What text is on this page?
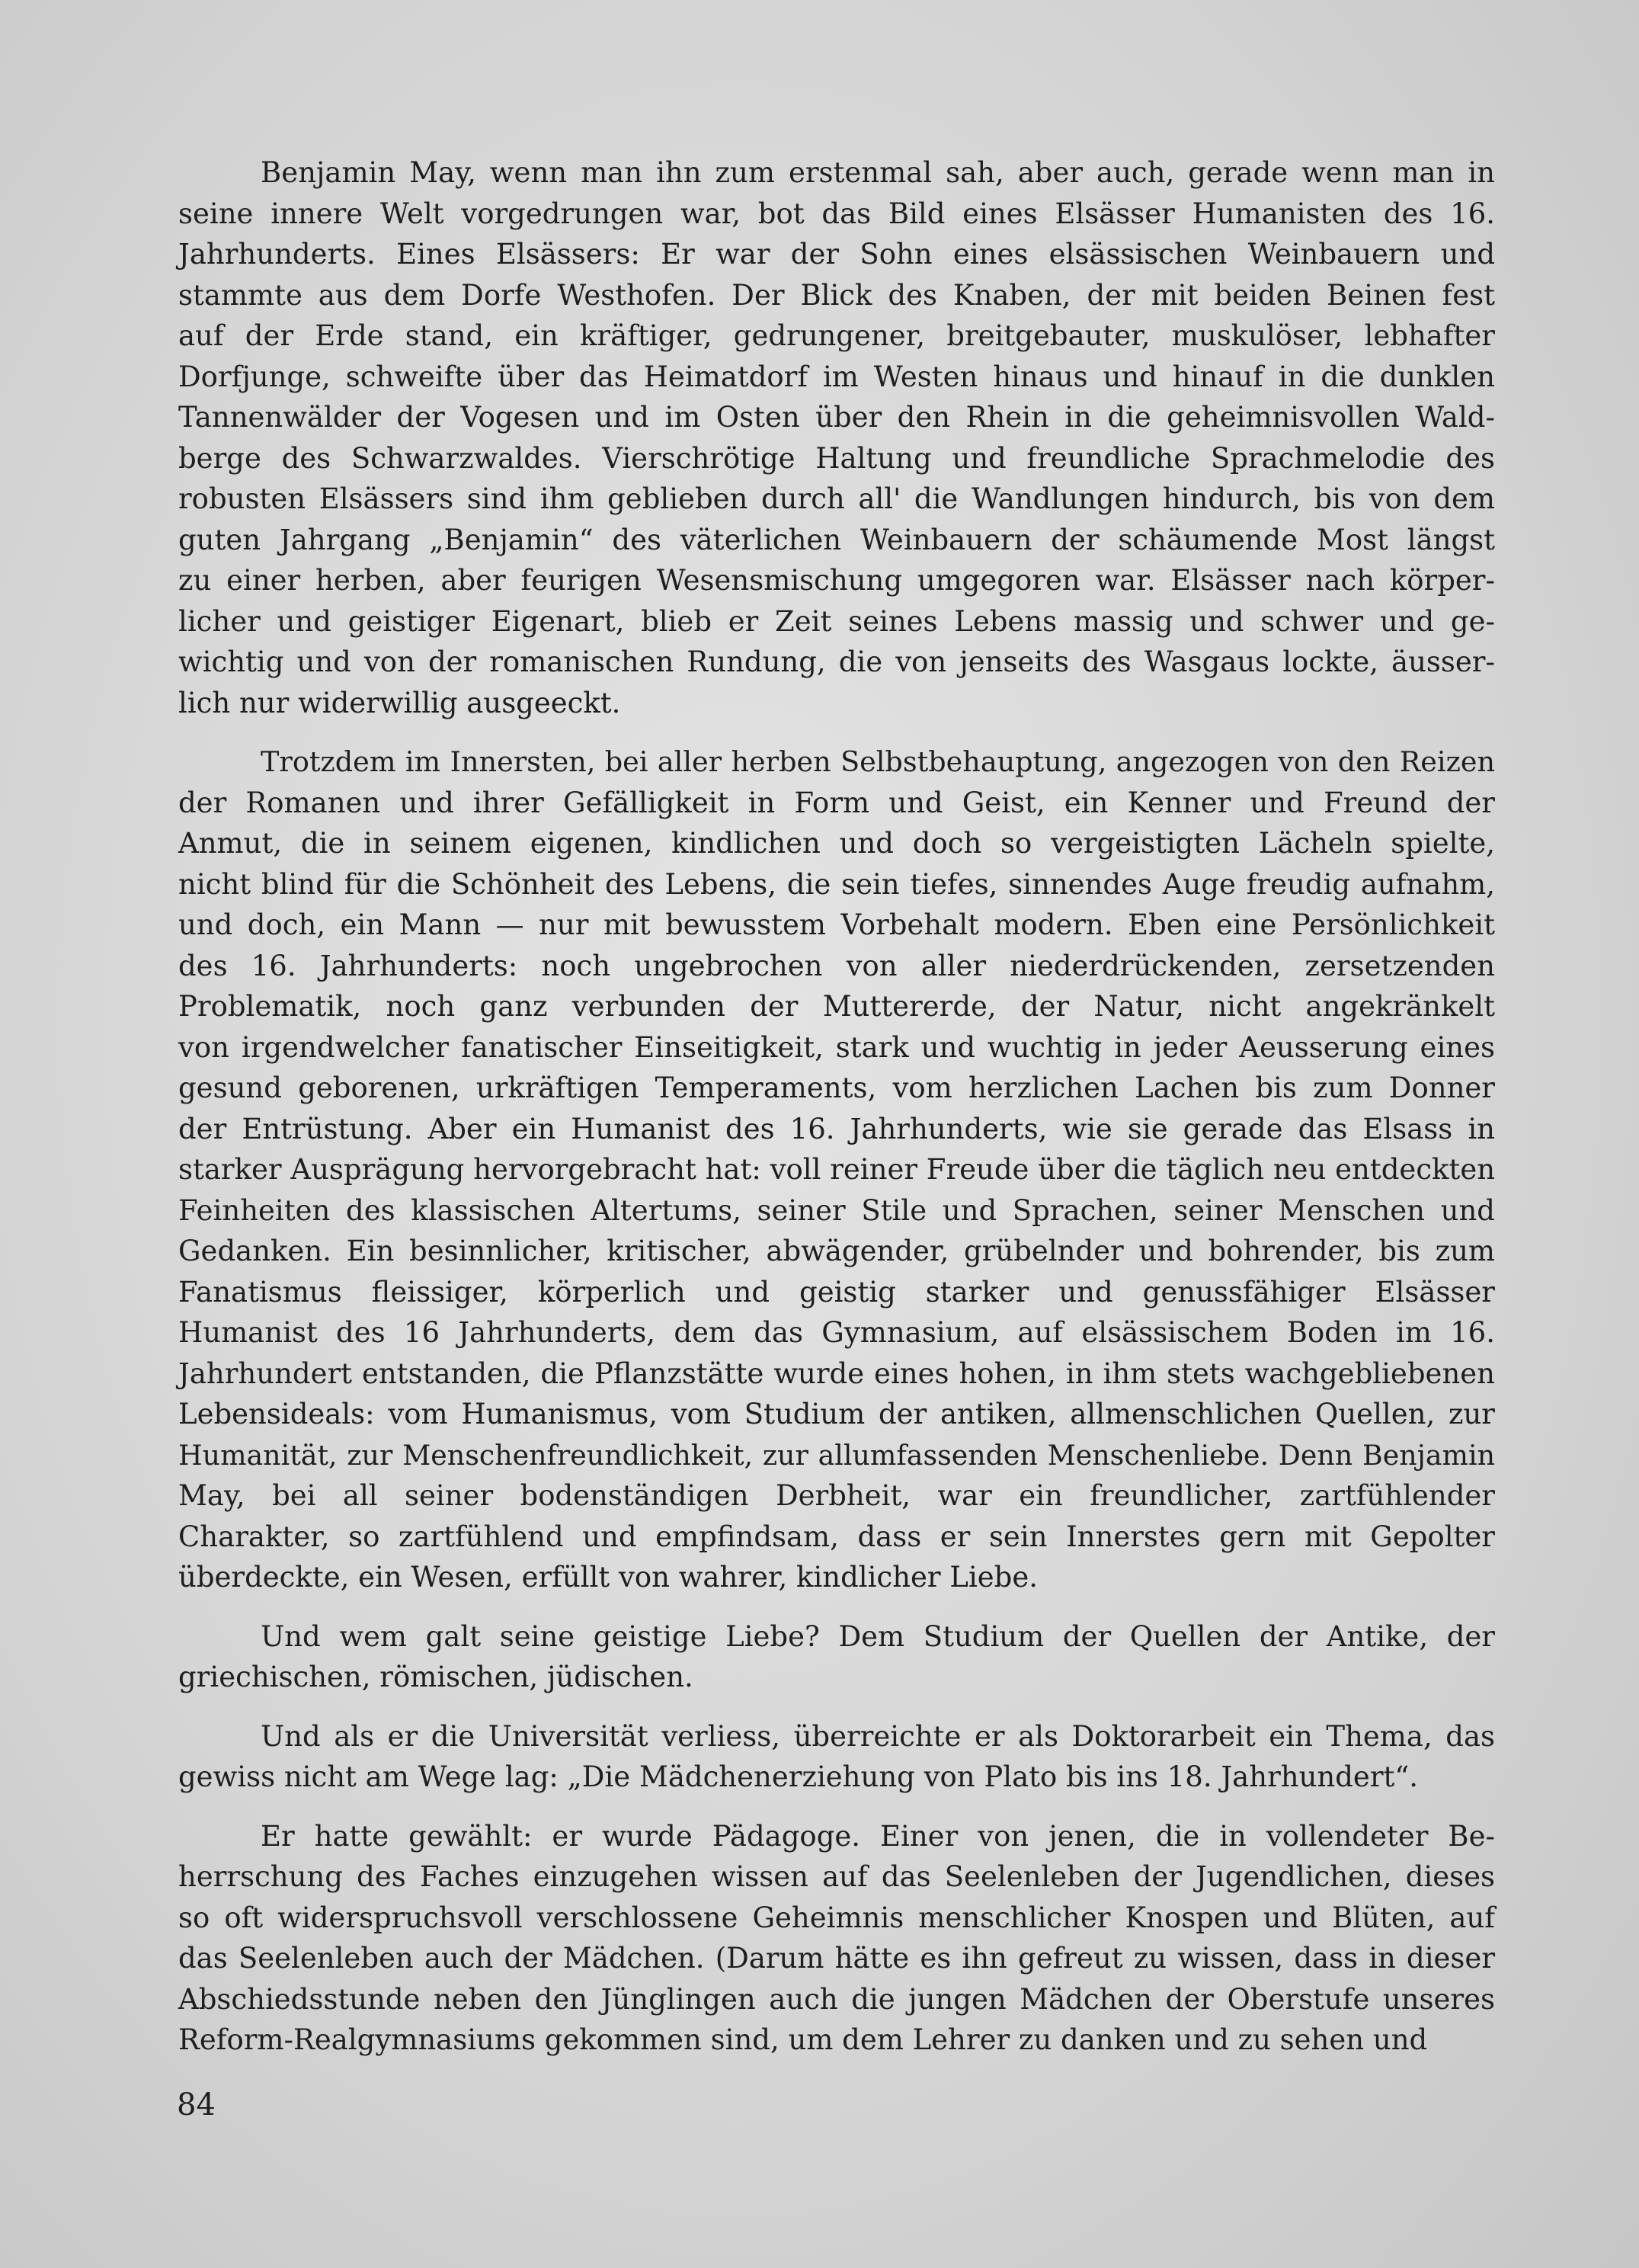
Benjamin May, wenn man ihn zum erstenmal sah, aber auch, gerade wenn man in
seine innere Welt vorgedrungen war, bot das Bild eines Elsässer Humanisten des 16.
Jahrhunderts. Eines Elsässers: Er war der Sohn eines elsässischen Weinbauern und
stammte aus dem Dorfe Westhofen. Der Blick des Knaben, der mit beiden Beinen fest
auf der Erde stand, ein kräftiger, gedrungener, breitgebauter, muskulöser, lebhafter
Dorfjunge, schweifte über das Heimatdorf im Westen hinaus und hinauf in die dunklen
Tannenwälder der Vogesen und im Osten über den Rhein in die geheimnisvollen Wald-
berge des Schwarzwaldes. Vierschrötige Haltung und freundliche Sprachmelodie des
robusten Elsässers sind ihm geblieben durch all' die Wandlungen hindurch, bis von dem
guten Jahrgang „Benjamin“ des väterlichen Weinbauern der schäumende Most längst
zu einer herben, aber feurigen Wesensmischung umgegoren war. Elsässer nach körper-
licher und geistiger Eigenart, blieb er Zeit seines Lebens massig und schwer und ge-
wichtig und von der romanischen Rundung, die von jenseits des Wasgaus lockte, äusser-
lich nur widerwillig ausgeeckt.
Trotzdem im Innersten, bei aller herben Selbstbehauptung, angezogen von den Reizen
der Romanen und ihrer Gefälligkeit in Form und Geist, ein Kenner und Freund der
Anmut, die in seinem eigenen, kindlichen und doch so vergeistigten Lächeln spielte,
nicht blind für die Schönheit des Lebens, die sein tiefes, sinnendes Auge freudig aufnahm,
und doch, ein Mann — nur mit bewusstem Vorbehalt modern. Eben eine Persönlichkeit
des 16. Jahrhunderts: noch ungebrochen von aller niederdrückenden, zersetzenden
Problematik, noch ganz verbunden der Muttererde, der Natur, nicht angekränkelt
von irgendwelcher fanatischer Einseitigkeit, stark und wuchtig in jeder Aeusserung eines
gesund geborenen, urkräftigen Temperaments, vom herzlichen Lachen bis zum Donner
der Entrüstung. Aber ein Humanist des 16. Jahrhunderts, wie sie gerade das Elsass in
starker Ausprägung hervorgebracht hat: voll reiner Freude über die täglich neu entdeckten
Feinheiten des klassischen Altertums, seiner Stile und Sprachen, seiner Menschen und
Gedanken. Ein besinnlicher, kritischer, abwägender, grübelnder und bohrender, bis zum
Fanatismus fleissiger, körperlich und geistig starker und genussfähiger Elsässer
Humanist des 16 Jahrhunderts, dem das Gymnasium, auf elsässischem Boden im 16.
Jahrhundert entstanden, die Pflanzstätte wurde eines hohen, in ihm stets wachgebliebenen
Lebensideals: vom Humanismus, vom Studium der antiken, allmenschlichen Quellen, zur
Humanität, zur Menschenfreundlichkeit, zur allumfassenden Menschenliebe. Denn Benjamin
May, bei all seiner bodenständigen Derbheit, war ein freundlicher, zartfühlender
Charakter, so zartfühlend und empfindsam, dass er sein Innerstes gern mit Gepolter
überdeckte, ein Wesen, erfüllt von wahrer, kindlicher Liebe.
Und wem galt seine geistige Liebe? Dem Studium der Quellen der Antike, der
griechischen, römischen, jüdischen.
Und als er die Universität verliess, überreichte er als Doktorarbeit ein Thema, das
gewiss nicht am Wege lag: „Die Mädchenerziehung von Plato bis ins 18. Jahrhundert“.
Er hatte gewählt: er wurde Pädagoge. Einer von jenen, die in vollendeter Be-
herrschung des Faches einzugehen wissen auf das Seelenleben der Jugendlichen, dieses
so oft widerspruchsvoll verschlossene Geheimnis menschlicher Knospen und Blüten, auf
das Seelenleben auch der Mädchen. (Darum hätte es ihn gefreut zu wissen, dass in dieser
Abschiedsstunde neben den Jünglingen auch die jungen Mädchen der Oberstufe unseres
Reform-Realgymnasiums gekommen sind, um dem Lehrer zu danken und zu sehen und
84
